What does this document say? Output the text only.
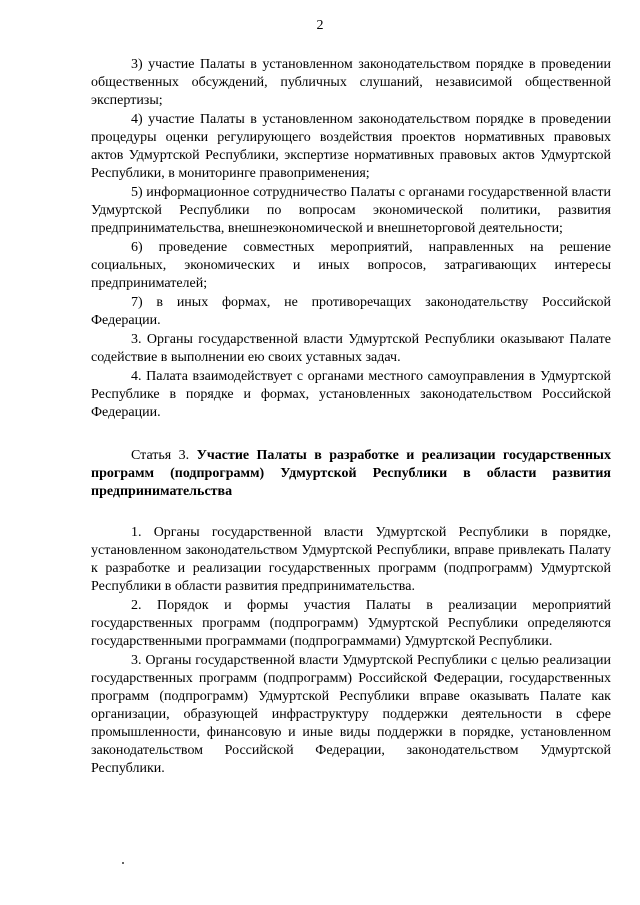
2

3) участие Палаты в установленном законодательством порядке в проведении общественных обсуждений, публичных слушаний, независимой общественной экспертизы;

4) участие Палаты в установленном законодательством порядке в проведении процедуры оценки регулирующего воздействия проектов нормативных правовых актов Удмуртской Республики, экспертизе нормативных правовых актов Удмуртской Республики, в мониторинге правоприменения;

5) информационное сотрудничество Палаты с органами государственной власти Удмуртской Республики по вопросам экономической политики, развития предпринимательства, внешнеэкономической и внешнеторговой деятельности;

6) проведение совместных мероприятий, направленных на решение социальных, экономических и иных вопросов, затрагивающих интересы предпринимателей;

7) в иных формах, не противоречащих законодательству Российской Федерации.

3. Органы государственной власти Удмуртской Республики оказывают Палате содействие в выполнении ею своих уставных задач.

4. Палата взаимодействует с органами местного самоуправления в Удмуртской Республике в порядке и формах, установленных законодательством Российской Федерации.

Статья 3. Участие Палаты в разработке и реализации государственных программ (подпрограмм) Удмуртской Республики в области развития предпринимательства

1. Органы государственной власти Удмуртской Республики в порядке, установленном законодательством Удмуртской Республики, вправе привлекать Палату к разработке и реализации государственных программ (подпрограмм) Удмуртской Республики в области развития предпринимательства.

2. Порядок и формы участия Палаты в реализации мероприятий государственных программ (подпрограмм) Удмуртской Республики определяются государственными программами (подпрограммами) Удмуртской Республики.

3. Органы государственной власти Удмуртской Республики с целью реализации государственных программ (подпрограмм) Российской Федерации, государственных программ (подпрограмм) Удмуртской Республики вправе оказывать Палате как организации, образующей инфраструктуру поддержки деятельности в сфере промышленности, финансовую и иные виды поддержки в порядке, установленном законодательством Российской Федерации, законодательством Удмуртской Республики.
